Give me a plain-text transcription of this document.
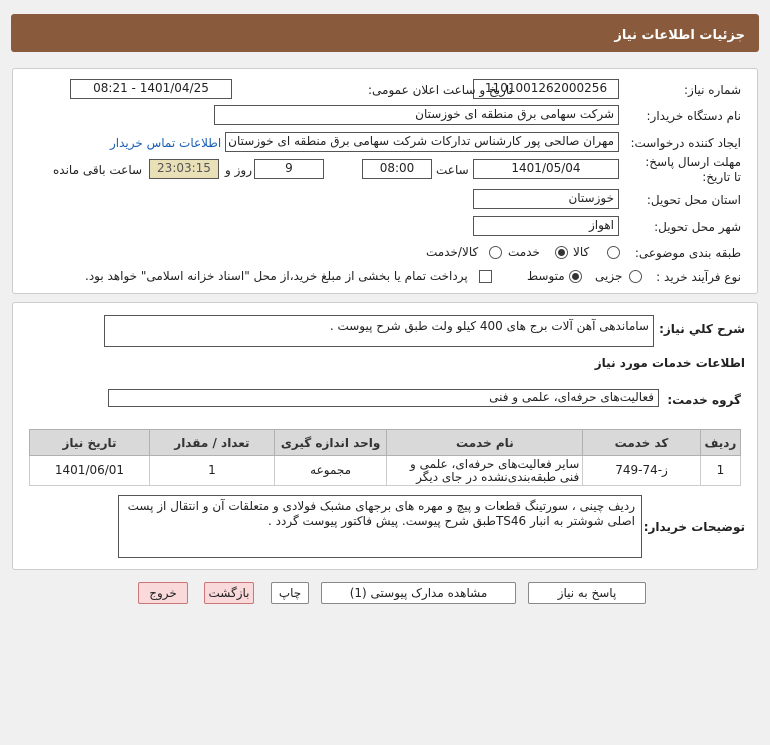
جزئیات اطلاعات نیاز
شماره نیاز:
1101001262000256
تاریخ و ساعت اعلان عمومی:
1401/04/25 - 08:21
نام دستگاه خریدار:
شرکت سهامی برق منطقه ای خوزستان
ایجاد کننده درخواست:
مهران صالحی پور کارشناس تدارکات شرکت سهامی برق منطقه ای خوزستان
اطلاعات تماس خریدار
مهلت ارسال پاسخ: تا تاریخ:
1401/05/04
ساعت
08:00
9
روز و
23:03:15
ساعت باقی مانده
استان محل تحویل:
خوزستان
شهر محل تحویل:
اهواز
طبقه بندی موضوعی:
کالا
خدمت
کالا/خدمت
نوع فرآیند خرید :
جزیی
متوسط
پرداخت تمام یا بخشی از مبلغ خرید،از محل "اسناد خزانه اسلامی" خواهد بود.
شرح کلي نیاز:
ساماندهی آهن آلات برج های 400 کیلو ولت طبق شرح پیوست .
اطلاعات خدمات مورد نیاز
گروه خدمت:
فعالیت‌های حرفه‌ای، علمی و فنی
ردیف	کد خدمت	نام خدمت	واحد اندازه گیری	تعداد / مقدار	تاریخ نیاز
1	ز-74-749	سایر فعالیت‌های حرفه‌ای، علمی و فنی طبقه‌بندی‌نشده در جای دیگر	مجموعه	1	1401/06/01
توضیحات خریدار:
ردیف چینی ، سورتینگ قطعات و پیچ و مهره های برجهای مشبک فولادی و متعلقات آن و انتقال از پست اصلی شوشتر به انبار TS46طبق شرح پیوست. پیش فاکتور پیوست گردد .
پاسخ به نیاز
مشاهده مدارک پیوستی (1)
چاپ
بازگشت
خروج
